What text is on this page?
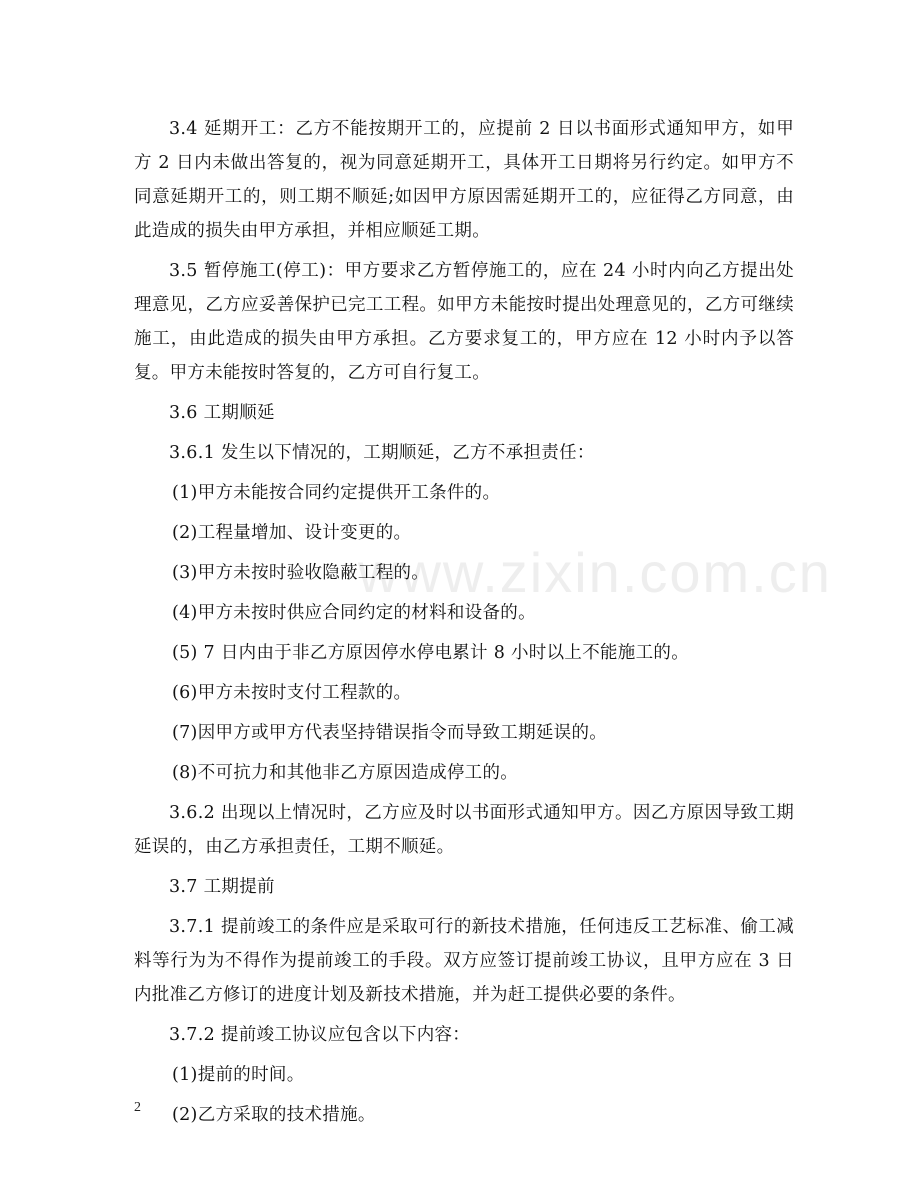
www.zixin.com.cn

3.4 延期开工：乙方不能按期开工的，应提前 2 日以书面形式通知甲方，如甲方 2 日内未做出答复的，视为同意延期开工，具体开工日期将另行约定。如甲方不同意延期开工的，则工期不顺延;如因甲方原因需延期开工的，应征得乙方同意，由此造成的损失由甲方承担，并相应顺延工期。

3.5 暂停施工(停工)：甲方要求乙方暂停施工的，应在 24 小时内向乙方提出处理意见，乙方应妥善保护已完工工程。如甲方未能按时提出处理意见的，乙方可继续施工，由此造成的损失由甲方承担。乙方要求复工的，甲方应在 12 小时内予以答复。甲方未能按时答复的，乙方可自行复工。

3.6 工期顺延

3.6.1 发生以下情况的，工期顺延，乙方不承担责任：

(1)甲方未能按合同约定提供开工条件的。

(2)工程量增加、设计变更的。

(3)甲方未按时验收隐蔽工程的。

(4)甲方未按时供应合同约定的材料和设备的。

(5) 7 日内由于非乙方原因停水停电累计 8 小时以上不能施工的。

(6)甲方未按时支付工程款的。

(7)因甲方或甲方代表坚持错误指令而导致工期延误的。

(8)不可抗力和其他非乙方原因造成停工的。

3.6.2 出现以上情况时，乙方应及时以书面形式通知甲方。因乙方原因导致工期延误的，由乙方承担责任，工期不顺延。

3.7 工期提前

3.7.1 提前竣工的条件应是采取可行的新技术措施，任何违反工艺标准、偷工减料等行为为不得作为提前竣工的手段。双方应签订提前竣工协议，且甲方应在 3 日内批准乙方修订的进度计划及新技术措施，并为赶工提供必要的条件。

3.7.2 提前竣工协议应包含以下内容：

(1)提前的时间。

(2)乙方采取的技术措施。

2
